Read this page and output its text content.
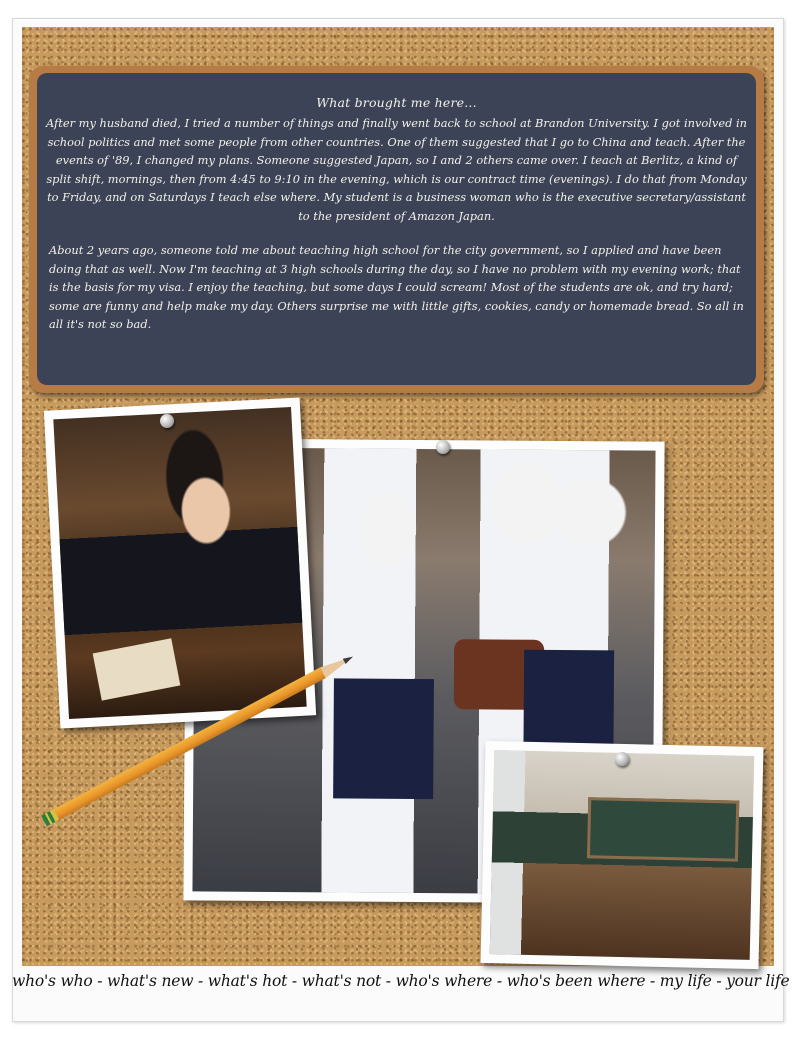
What brought me here...

After my husband died, I tried a number of things and finally went back to school at Brandon University. I got involved in school politics and met some people from other countries. One of them suggested that I go to China and teach. After the events of '89, I changed my plans. Someone suggested Japan, so I and 2 others came over. I teach at Berlitz, a kind of split shift, mornings, then from 4:45 to 9:10 in the evening, which is our contract time (evenings). I do that from Monday to Friday, and on Saturdays I teach else where. My student is a business woman who is the executive secretary/assistant to the president of Amazon Japan.

About 2 years ago, someone told me about teaching high school for the city government, so I applied and have been doing that as well. Now I'm teaching at 3 high schools during the day, so I have no problem with my evening work; that is the basis for my visa. I enjoy the teaching, but some days I could scream! Most of the students are ok, and try hard; some are funny and help make my day. Others surprise me with little gifts, cookies, candy or homemade bread. So all in all it's not so bad.

who's who - what's new - what's hot - what's not - who's where - who's been where - my life - your life
